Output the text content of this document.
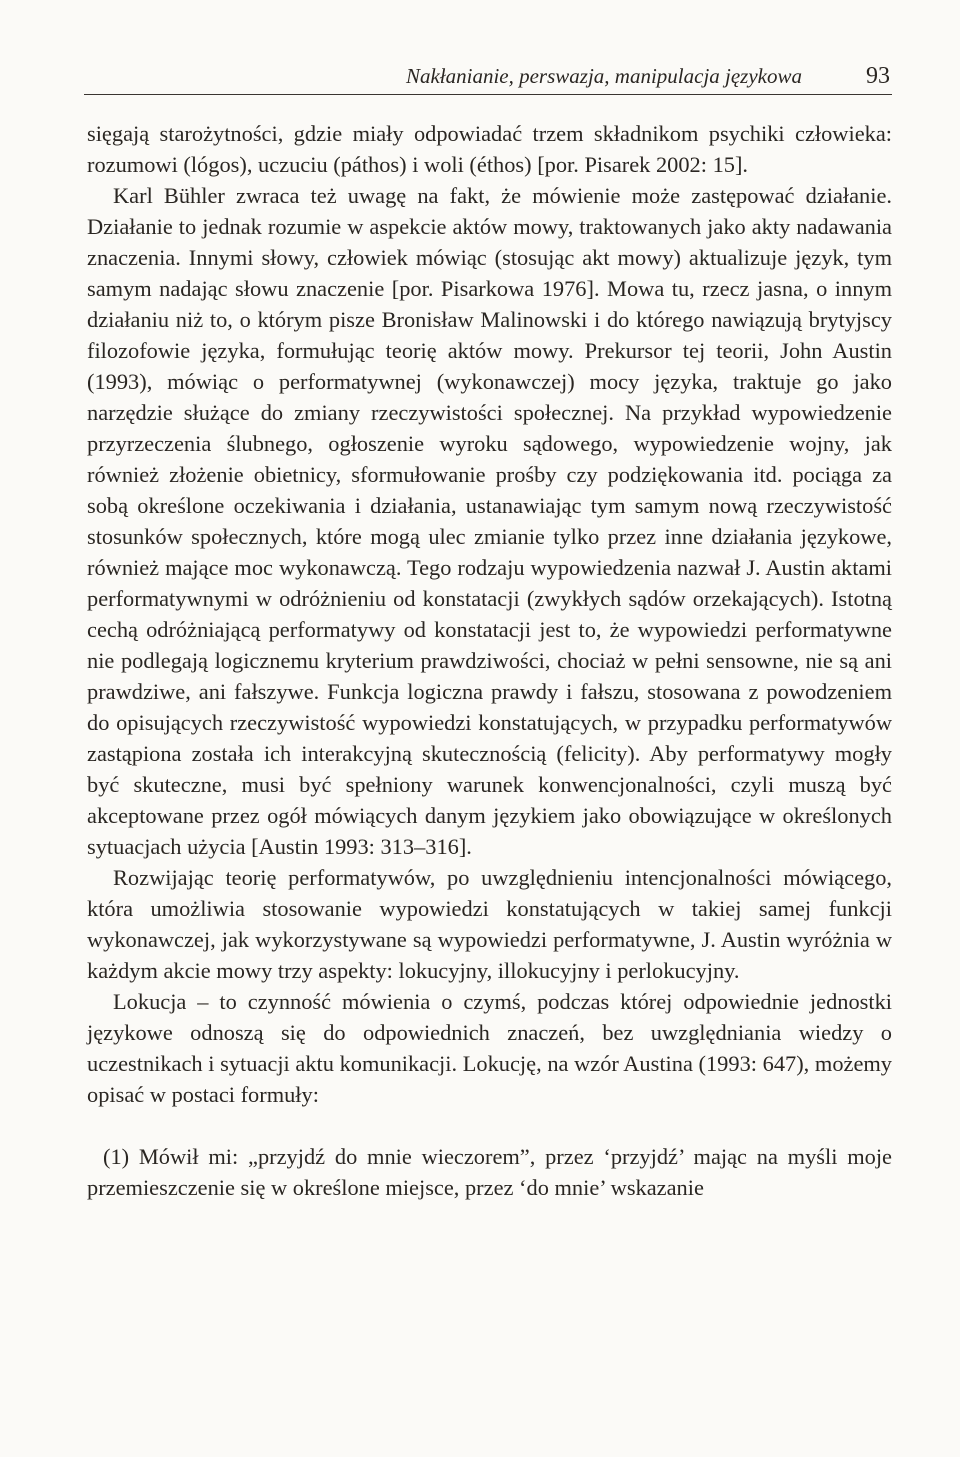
Nakłanianie, perswazja, manipulacja językowa	93

sięgają starożytności, gdzie miały odpowiadać trzem składnikom psychiki człowieka: rozumowi (lógos), uczuciu (páthos) i woli (éthos) [por. Pisarek 2002: 15].

Karl Bühler zwraca też uwagę na fakt, że mówienie może zastępować działanie. Działanie to jednak rozumie w aspekcie aktów mowy, traktowanych jako akty nadawania znaczenia. Innymi słowy, człowiek mówiąc (stosując akt mowy) aktualizuje język, tym samym nadając słowu znaczenie [por. Pisarkowa 1976]. Mowa tu, rzecz jasna, o innym działaniu niż to, o którym pisze Bronisław Malinowski i do którego nawiązują brytyjscy filozofowie języka, formułując teorię aktów mowy. Prekursor tej teorii, John Austin (1993), mówiąc o performatywnej (wykonawczej) mocy języka, traktuje go jako narzędzie służące do zmiany rzeczywistości społecznej. Na przykład wypowiedzenie przyrzeczenia ślubnego, ogłoszenie wyroku sądowego, wypowiedzenie wojny, jak również złożenie obietnicy, sformułowanie prośby czy podziękowania itd. pociąga za sobą określone oczekiwania i działania, ustanawiając tym samym nową rzeczywistość stosunków społecznych, które mogą ulec zmianie tylko przez inne działania językowe, również mające moc wykonawczą. Tego rodzaju wypowiedzenia nazwał J. Austin aktami performatywnymi w odróżnieniu od konstatacji (zwykłych sądów orzekających). Istotną cechą odróżniającą performatywy od konstatacji jest to, że wypowiedzi performatywne nie podlegają logicznemu kryterium prawdziwości, chociaż w pełni sensowne, nie są ani prawdziwe, ani fałszywe. Funkcja logiczna prawdy i fałszu, stosowana z powodzeniem do opisujących rzeczywistość wypowiedzi konstatujących, w przypadku performatywów zastąpiona została ich interakcyjną skutecznością (felicity). Aby performatywy mogły być skuteczne, musi być spełniony warunek konwencjonalności, czyli muszą być akceptowane przez ogół mówiących danym językiem jako obowiązujące w określonych sytuacjach użycia [Austin 1993: 313–316].

Rozwijając teorię performatywów, po uwzględnieniu intencjonalności mówiącego, która umożliwia stosowanie wypowiedzi konstatujących w takiej samej funkcji wykonawczej, jak wykorzystywane są wypowiedzi performatywne, J. Austin wyróżnia w każdym akcie mowy trzy aspekty: lokucyjny, illokucyjny i perlokucyjny.

Lokucja – to czynność mówienia o czymś, podczas której odpowiednie jednostki językowe odnoszą się do odpowiednich znaczeń, bez uwzględniania wiedzy o uczestnikach i sytuacji aktu komunikacji. Lokucję, na wzór Austina (1993: 647), możemy opisać w postaci formuły:

(1) Mówił mi: „przyjdź do mnie wieczorem”, przez ‘przyjdź’ mając na myśli moje przemieszczenie się w określone miejsce, przez ‘do mnie’ wskazanie
